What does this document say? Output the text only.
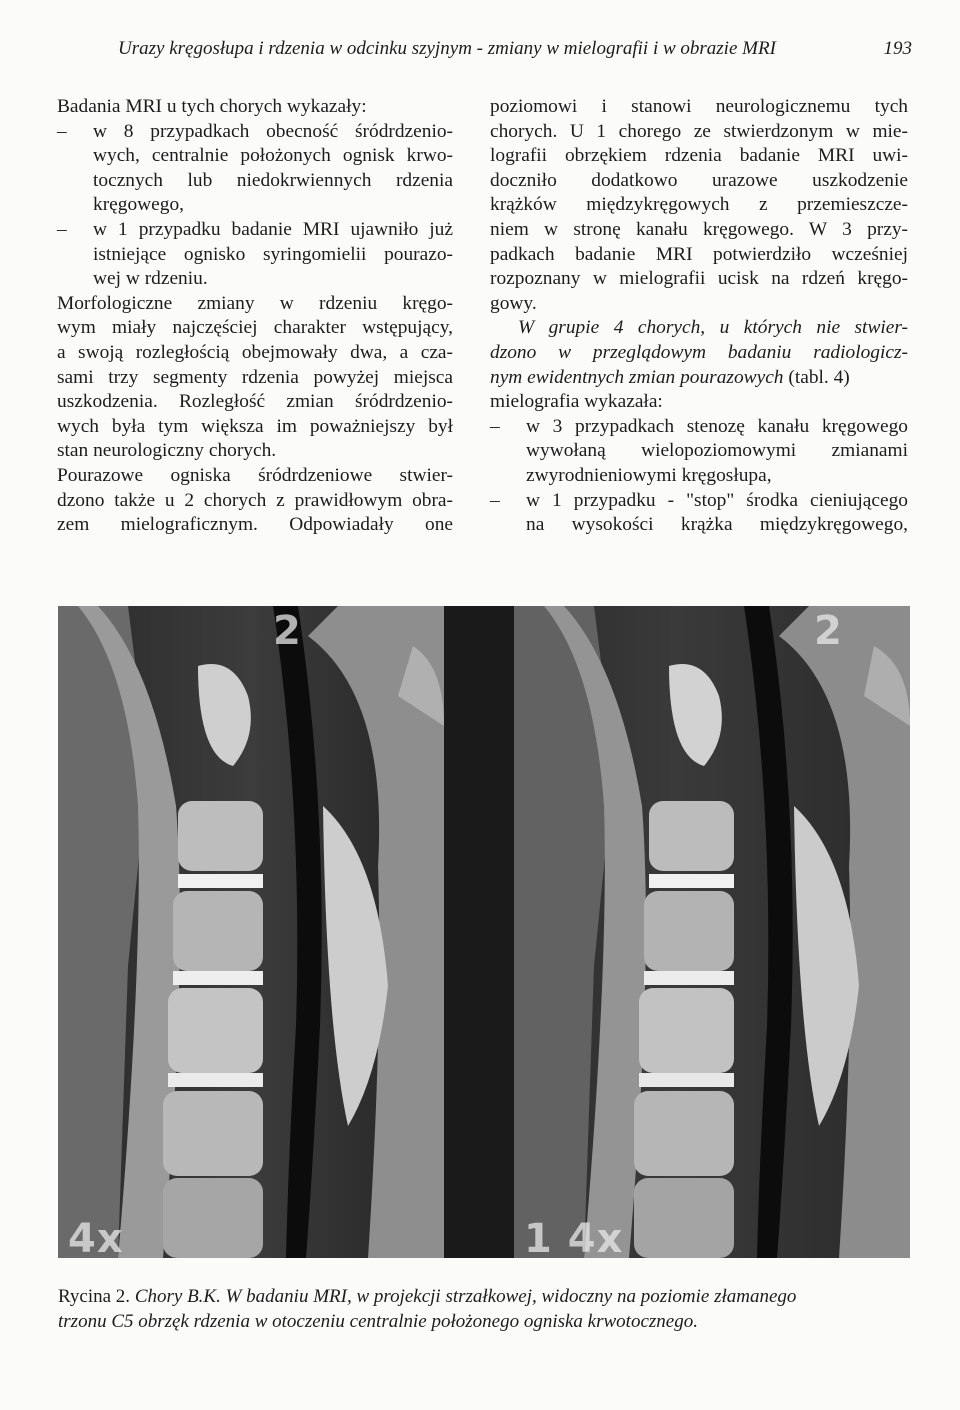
Urazy kręgosłupa i rdzenia w odcinku szyjnym - zmiany w mielografii i w obrazie MRI	193
Badania MRI u tych chorych wykazały:
– w 8 przypadkach obecność śródrdzenio-
wych, centralnie położonych ognisk krwo-
tocznych lub niedokrwiennych rdzenia
kręgowego,
– w 1 przypadku badanie MRI ujawniło już
istniejące ognisko syringomielii pourazo-
wej w rdzeniu.
Morfologiczne zmiany w rdzeniu kręgo-
wym miały najczęściej charakter wstępujący,
a swoją rozległością obejmowały dwa, a cza-
sami trzy segmenty rdzenia powyżej miejsca
uszkodzenia. Rozległość zmian śródrdzenio-
wych była tym większa im poważniejszy był
stan neurologiczny chorych.
Pourazowe ogniska śródrdzeniowe stwier-
dzono także u 2 chorych z prawidłowym obra-
zem mielograficznym. Odpowiadały one
poziomowi i stanowi neurologicznemu tych
chorych. U 1 chorego ze stwierdzonym w mie-
lografii obrzękiem rdzenia badanie MRI uwi-
doczniło dodatkowo urazowe uszkodzenie
krążków międzykręgowych z przemieszcze-
niem w stronę kanału kręgowego. W 3 przy-
padkach badanie MRI potwierdziło wcześniej
rozpoznany w mielografii ucisk na rdzeń kręgo-
gowy.
W grupie 4 chorych, u których nie stwier-
dzono w przeglądowym badaniu radiologicz-
nym ewidentnych zmian pourazowych (tabl. 4)
mielografia wykazała:
– w 3 przypadkach stenozę kanału kręgowego
wywołaną wielopoziomowymi zmianami
zwyrodnieniowymi kręgosłupa,
– w 1 przypadku - "stop" środka cieniującego
na wysokości krążka międzykręgowego,
2
4x
2
1 4x
Rycina 2. Chory B.K. W badaniu MRI, w projekcji strzałkowej, widoczny na poziomie złamanego
trzonu C5 obrzęk rdzenia w otoczeniu centralnie położonego ogniska krwotocznego.
